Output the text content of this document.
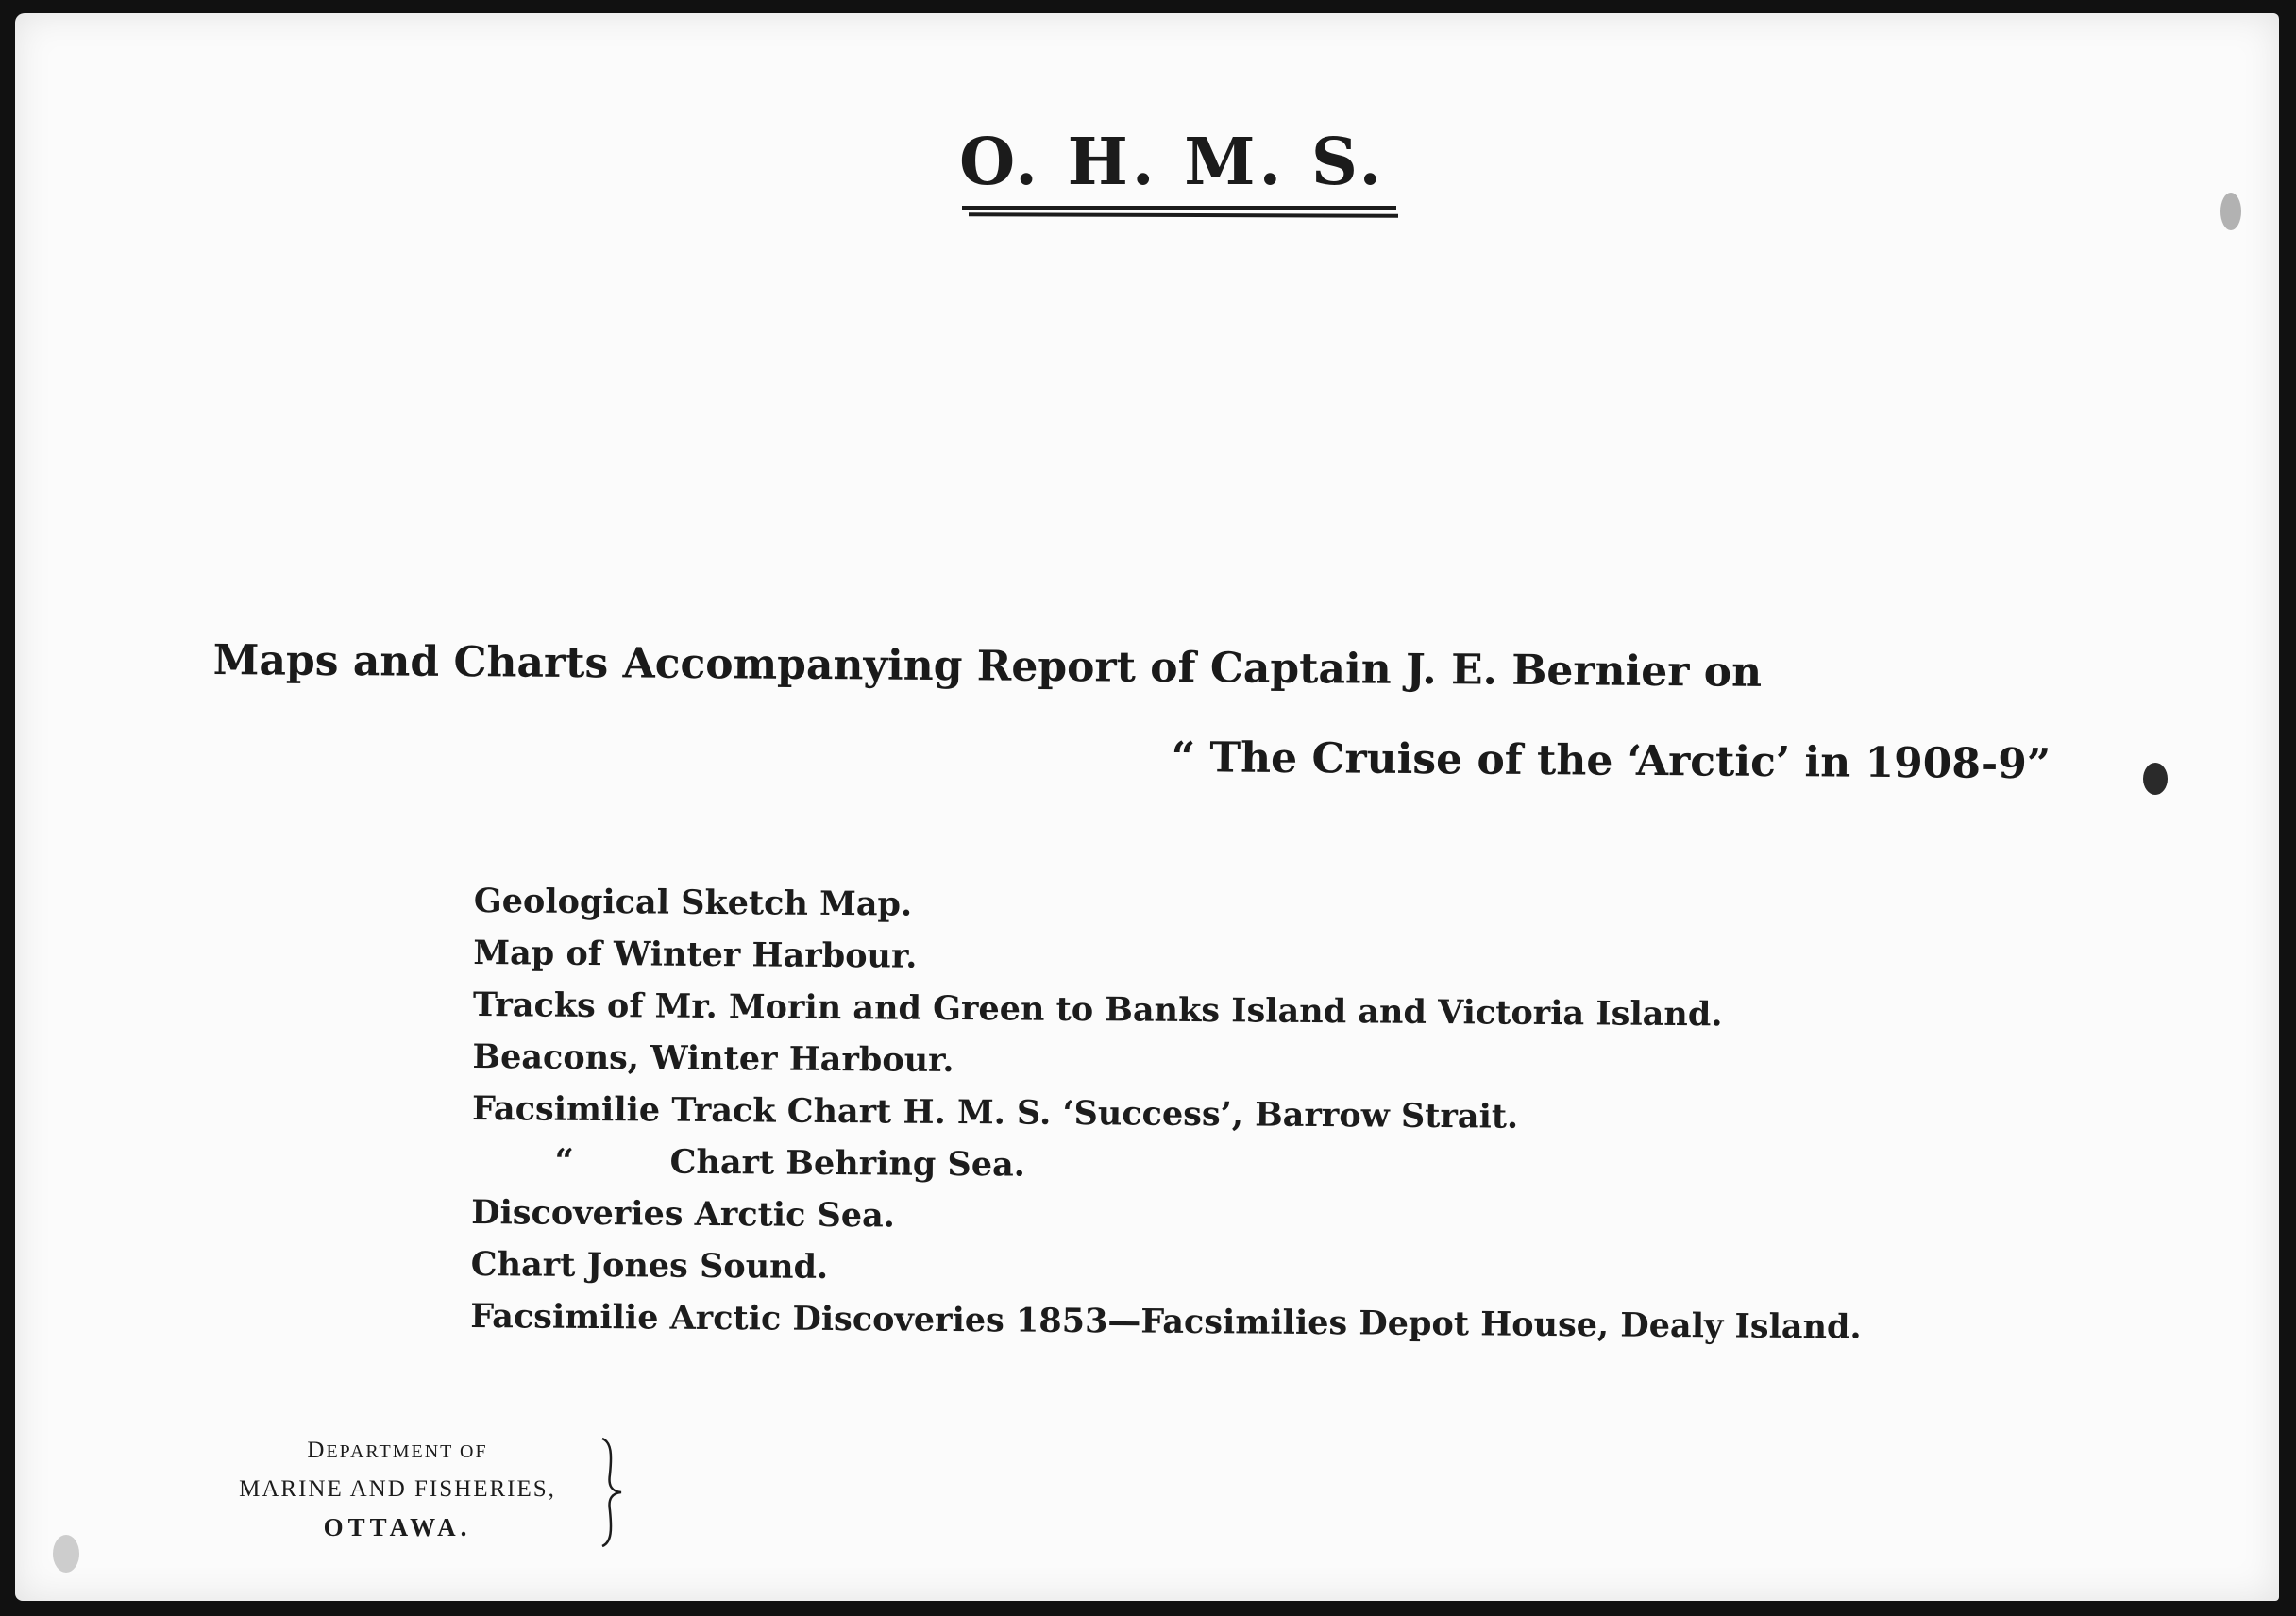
O. H. M. S.
Maps and Charts Accompanying Report of Captain J. E. Bernier on
“ The Cruise of the ‘Arctic’ in 1908-9”
Geological Sketch Map.
Map of Winter Harbour.
Tracks of Mr. Morin and Green to Banks Island and Victoria Island.
Beacons, Winter Harbour.
Facsimilie Track Chart H. M. S. ‘Success’, Barrow Strait.
“	Chart Behring Sea.
Discoveries Arctic Sea.
Chart Jones Sound.
Facsimilie Arctic Discoveries 1853—Facsimilies Depot House, Dealy Island.
DEPARTMENT OF
MARINE AND FISHERIES,
OTTAWA.
